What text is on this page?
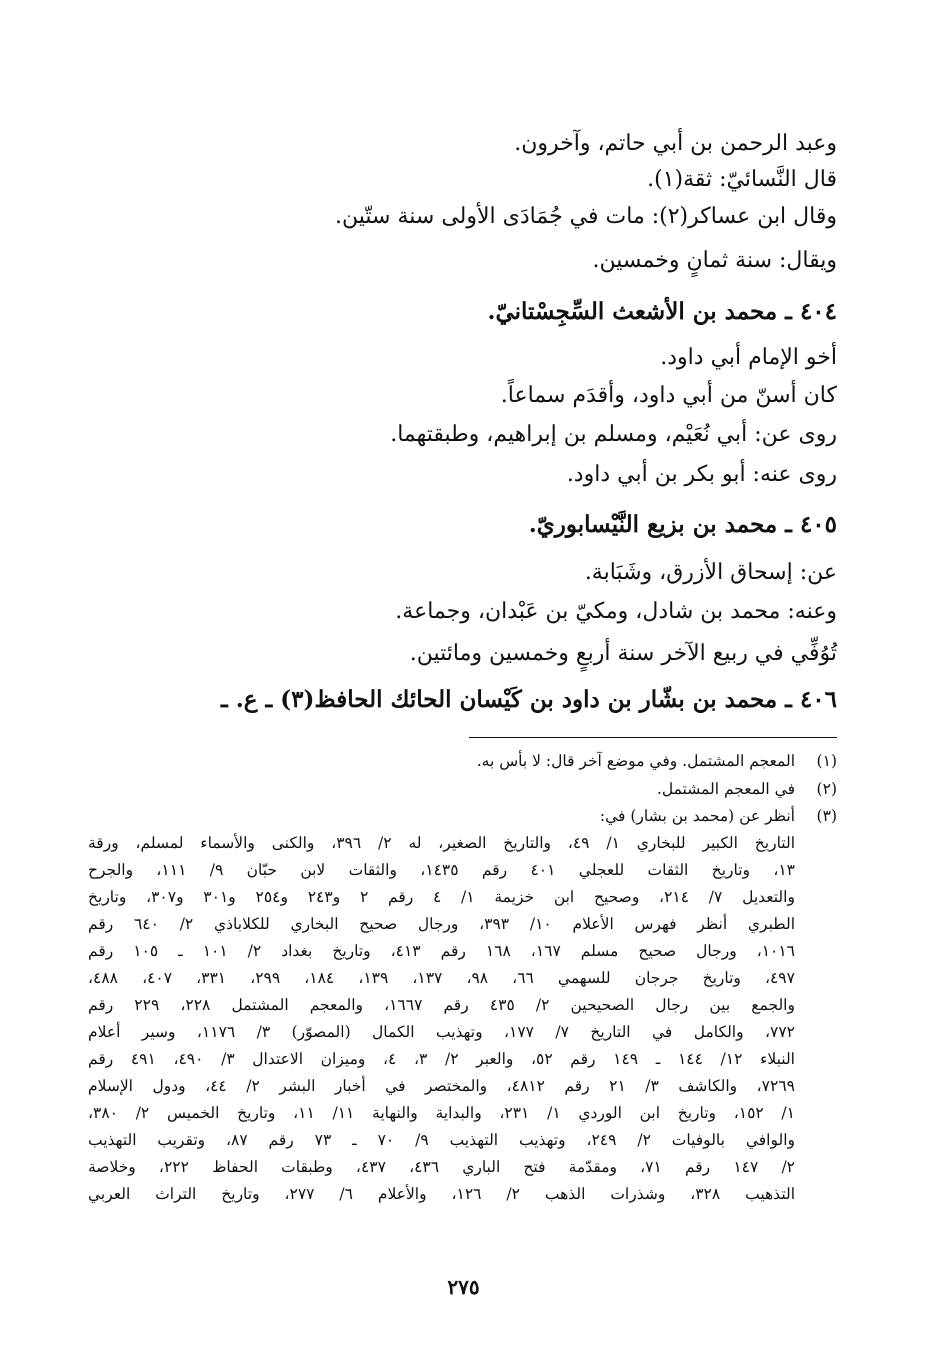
وعبد الرحمن بن أبي حاتم، وآخرون.
قال النَّسائيّ: ثقة(١).
وقال ابن عساكر(٢): مات في جُمَادَى الأولى سنة ستّين.
ويقال: سنة ثمانٍ وخمسين.
٤٠٤ ـ محمد بن الأشعث السِّجِسْتانيّ.
أخو الإمام أبي داود.
كان أسنّ من أبي داود، وأقدَم سماعاً.
روى عن: أبي نُعَيْم، ومسلم بن إبراهيم، وطبقتهما.
روى عنه: أبو بكر بن أبي داود.
٤٠٥ ـ محمد بن بزيع النَّيْسابوريّ.
عن: إسحاق الأزرق، وشَبَابة.
وعنه: محمد بن شادل، ومكيّ بن عَبْدان، وجماعة.
تُوُفِّي في ربيع الآخر سنة أربعٍ وخمسين ومائتين.
٤٠٦ ـ محمد بن بشّار بن داود بن كَيْسان الحائك الحافظ(٣) ـ ع. ـ
(١)
المعجم المشتمل. وفي موضع آخر قال: لا بأس به.
(٢)
في المعجم المشتمل.
(٣)
أنظر عن (محمد بن بشار) في:
التاريخ الكبير للبخاري ١/ ٤٩، والتاريخ الصغير، له ٢/ ٣٩٦، والكنى والأسماء لمسلم، ورقة
١٣، وتاريخ الثقات للعجلي ٤٠١ رقم ١٤٣٥، والثقات لابن حبّان ٩/ ١١١، والجرح
والتعديل ٧/ ٢١٤، وصحيح ابن خزيمة ١/ ٤ رقم ٢ و٢٤٣ و٢٥٤ و٣٠١ و٣٠٧، وتاريخ
الطبري أنظر فهرس الأعلام ١٠/ ٣٩٣، ورجال صحيح البخاري للكلاباذي ٢/ ٦٤٠ رقم
١٠١٦، ورجال صحيح مسلم ١٦٧، ١٦٨ رقم ٤١٣، وتاريخ بغداد ٢/ ١٠١ ـ ١٠٥ رقم
٤٩٧، وتاريخ جرجان للسهمي ٦٦، ٩٨، ١٣٧، ١٣٩، ١٨٤، ٢٩٩، ٣٣١، ٤٠٧، ٤٨٨،
والجمع بين رجال الصحيحين ٢/ ٤٣٥ رقم ١٦٦٧، والمعجم المشتمل ٢٢٨، ٢٢٩ رقم
٧٧٢، والكامل في التاريخ ٧/ ١٧٧، وتهذيب الكمال (المصوّر) ٣/ ١١٧٦، وسير أعلام
النبلاء ١٢/ ١٤٤ ـ ١٤٩ رقم ٥٢، والعبر ٢/ ٣، ٤، وميزان الاعتدال ٣/ ٤٩٠، ٤٩١ رقم
٧٢٦٩، والكاشف ٣/ ٢١ رقم ٤٨١٢، والمختصر في أخبار البشر ٢/ ٤٤، ودول الإسلام
١/ ١٥٢، وتاريخ ابن الوردي ١/ ٢٣١، والبداية والنهاية ١١/ ١١، وتاريخ الخميس ٢/ ٣٨٠،
والوافي بالوفيات ٢/ ٢٤٩، وتهذيب التهذيب ٩/ ٧٠ ـ ٧٣ رقم ٨٧، وتقريب التهذيب
٢/ ١٤٧ رقم ٧١، ومقدّمة فتح الباري ٤٣٦، ٤٣٧، وطبقات الحفاظ ٢٢٢، وخلاصة
التذهيب ٣٢٨، وشذرات الذهب ٢/ ١٢٦، والأعلام ٦/ ٢٧٧، وتاريخ التراث العربي
٢٧٥
